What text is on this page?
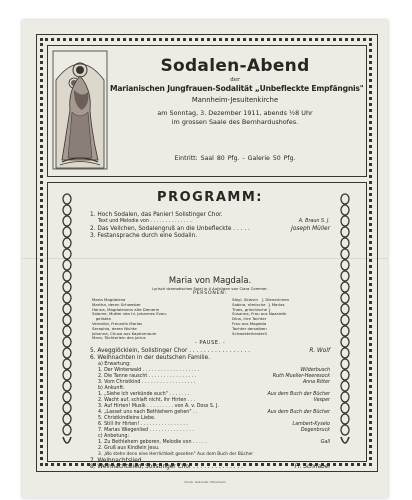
Sodalen-Abend
der
Marianischen Jungfrauen-Sodalität „Unbefleckte Empfängnis"
Mannheim-Jesuitenkirche
am Sonntag, 3. Dezember 1911, abends ½8 Uhr
im grossen Saale des Bernhardushofes.
Eintritt: Saal 80 Pfg. - Galerie 50 Pfg.
PROGRAMM:
1. Hoch Sodalen, das Panier! Solistinger Chor.
Text und Melodie von . . . . . . . . . . . . . .	A. Braun S. J.
2. Das Veilchen, Sodalengruß an die Unbefleckte . . . . .	Joseph Müller
3. Festansprache durch eine Sodalin.
Maria von Magdala.
Lyrisch dramatisches Spiel in 4 Aufzügen von Clara Commer.
PERSONEN:
Maria Magdalena
Martha, deren Schwester
Hanna, Magdalenens alte Dienerin
Salome, Mutter des hl. Johannes Evan-
gelisten
Veronika, Freundin Marias
Seraphia, deren Nichte
Johanna, Chusa aus Kapharnaum
Mara, Töchterlein des Jairus
Sibyl, Sklavin   } Dienerinnen
Sabina, römische  } Marias
Thais, griechische }
Susanna, Frau aus Nazareth
Dina, ihre Tochter
Frau aus Magdala
Tochter derselben
SchwesterkinderS
- PAUSE. -
5. Avegglöcklein, Solistinger Chor . . . . . . . . . . . . . . . . .	R. Wolf
6. Weihnachten in der deutschen Familie.
a) Erwartung:
1. Der Winterwald . . . . . . . . . . . . . . . . . . .	Wilderbusch
2. Die Tanne rauscht . . . . . . . . . . . . . . . .	Ruth Mueller-Heeresock
3. Vom Christkind . . . . . . . . . . . . . . . . . .	Anna Ritter
b) Ankunft:
1. „Siehe ich verkünde euch" . . . . . . .	Aus dem Buch der Bücher
2. Wacht auf, schlaft nicht, ihr Hirten . . .	Vesper
3. Auf Hirten! Musik . . . . . . . . . von A. v. Doss S. J.
4. „Lasset uns nach Bethlehem gehen" . .	Aus dem Buch der Bücher
5. Christkindleins Liebe.
6. Still ihr Hirten! . . . . . . . . . . . . . . . .	Lambert-Kyselo
7. Marias Wiegenlied . . . . . . . . . . . . . . .	Degenbruck
c) Anbetung:
1. Zu Bethlehem geboren, Melodie von . . . . .	Gall
2. Gruß aus Kindlein Jesu.
3. „Wo stehn denn eine Herrlichkeit gesehen" Aus dem Buch der Bücher
7. Weihnachtslied.
8. Weihnachtslied, Solistinger Chor . . . . . . . . . . . . . .	Fr. Schnabel
Druck: Gebrüder, Mannheim
